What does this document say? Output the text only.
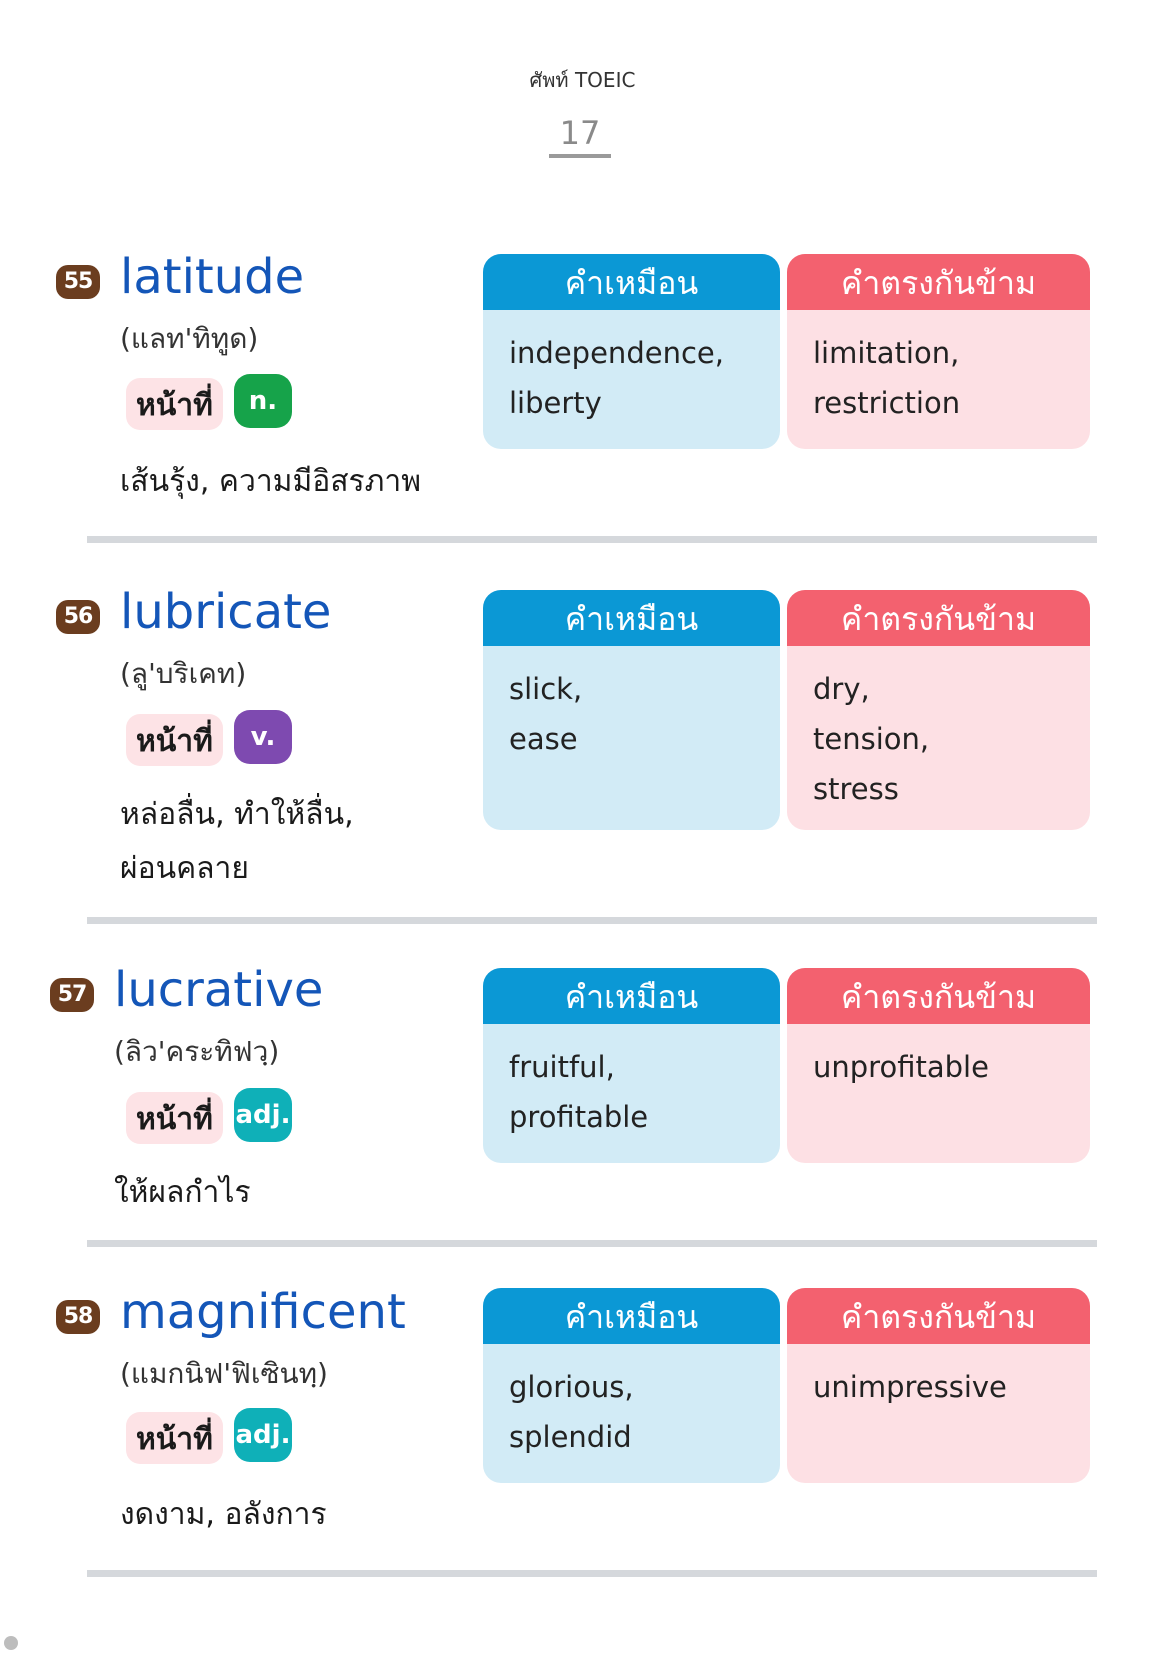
ศัพท์ TOEIC
17
55 latitude
(แลท'ทิทูด)
หน้าที่	n.
เส้นรุ้ง, ความมีอิสรภาพ
คำเหมือน
independence,
liberty
คำตรงกันข้าม
limitation,
restriction
56 lubricate
(ลู'บริเคท)
หน้าที่	v.
หล่อลื่น, ทำให้ลื่น,
ผ่อนคลาย
คำเหมือน
slick,
ease
คำตรงกันข้าม
dry,
tension,
stress
57 lucrative
(ลิว'คระทิฟวฺ)
หน้าที่ adj.
ให้ผลกำไร
คำเหมือน
fruitful,
profitable
คำตรงกันข้าม
unprofitable
58 magnificent
(แมกนิฟ'ฟิเซินทฺ)
หน้าที่ adj.
งดงาม, อลังการ
คำเหมือน
glorious,
splendid
คำตรงกันข้าม
unimpressive
